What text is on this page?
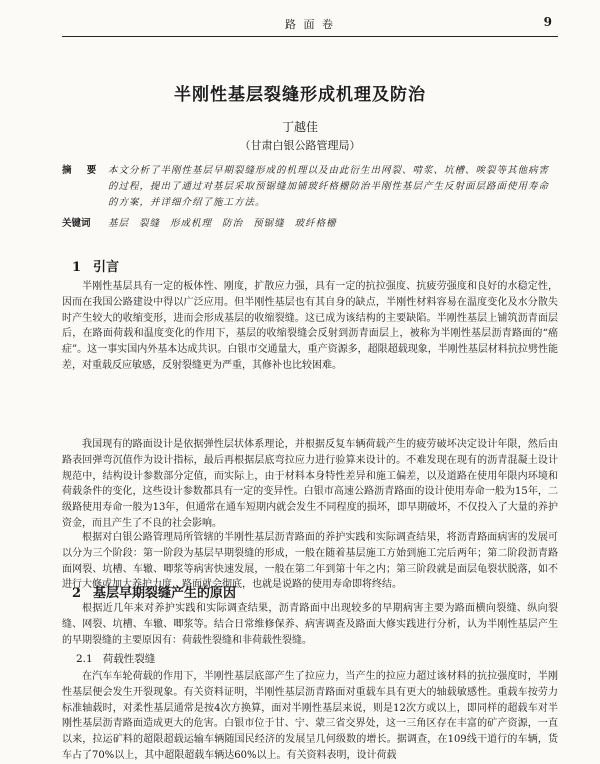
路 面 卷	9
半刚性基层裂缝形成机理及防治
丁越佳
（甘肃白银公路管理局）
摘 要 本文分析了半刚性基层早期裂缝形成的机理以及由此衍生出网裂、啃浆、坑槽、唉裂等其他病害的过程，提出了通过对基层采取预锯缝加铺玻纤格栅防治半刚性基层产生反射面层路面使用寿命的方案，并详细介绍了施工方法。
关键词 基层 裂缝 形成机理 防治 预锯缝 玻纤格栅
1 引言
半刚性基层具有一定的板体性、刚度，扩散应力强，具有一定的抗拉强度、抗疲劳强度和良好的水稳定性，因而在我国公路建设中得以广泛应用。但半刚性基层也有其自身的缺点，半刚性材料容易在温度变化及水分散失时产生较大的收缩变形，进而会形成基层的收缩裂缝。这已成为该结构的主要缺陷。半刚性基层上铺筑沥青面层后，在路面荷载和温度变化的作用下，基层的收缩裂缝会反射到沥青面层上，被称为半刚性基层沥青路面的“癌症”。这一事实国内外基本达成共识。白银市交通量大，重产资源多，超限超载现象，半刚性基层材料抗拉劈性能差，对重载反应敏感，反射裂缝更为严重，其修补也比较困难。
我国现有的路面设计是依据弹性层状体系理论，并根据反复车辆荷载产生的疲劳破坏决定设计年限，然后由路表回弹弯沉值作为设计指标，最后再根据层底弯拉应力进行验算来设计的。不难发现在现有的沥青混凝土设计规范中，结构设计参数部分定值，而实际上，由于材料本身特性差异和施工偏差，以及道路在使用年限内环境和荷载条件的变化，这些设计参数都具有一定的变异性。白银市高速公路沥青路面的设计使用寿命一般为15年，二级路使用寿命一般为13年，但通常在通车短期内就会发生不同程度的损坏，即早期破坏，不仅投入了大量的养护资金，而且产生了不良的社会影响。
根据对白银公路管理局所管辖的半刚性基层沥青路面的养护实践和实际调查结果，将沥青路面病害的发展可以分为三个阶段：第一阶段为基层早期裂缝的形成，一般在随着基层施工方始到施工完后两年；第二阶段沥青路面网裂、坑槽、车辙、唧浆等病害快速发展，一般在第二年到第十年之内；第三阶段就是面层龟裂状脱落，如不进行大修或加大养护力度，路面就会彻底，也就是说路的使用寿命即将终结。
2 基层早期裂缝产生的原因
根据近几年来对养护实践和实际调查结果，沥青路面中出现较多的早期病害主要为路面横向裂缝、纵向裂缝、网裂、坑槽、车辙、唧浆等。结合日常维修保养、病害调查及路面大修实践进行分析，认为半刚性基层产生的早期裂缝的主要原因有：荷载性裂缝和非荷载性裂缝。
2.1 荷载性裂缝
在汽车车轮荷载的作用下，半刚性基层底部产生了拉应力，当产生的拉应力超过该材料的抗拉强度时，半刚性基层便会发生开裂现象。有关资料证明，半刚性基层沥青路面对重载车具有更大的轴载敏感性。重载车按劳力标准轴载时，对柔性基层通常是按4次方换算，面对半刚性基层来说，则是12次方或以上，即同样的超载车对半刚性基层沥青路面造成更大的危害。白银市位于甘、宁、蒙三省交界处，这一三角区存在丰富的矿产资源，一直以来，拉运矿料的超限超载运输车辆随国民经济的发展呈几何级数的增长。据调查，在109线干道行的车辆，货车占了70%以上，其中超限超载车辆达60%以上。有关资料表明，设计荷载
